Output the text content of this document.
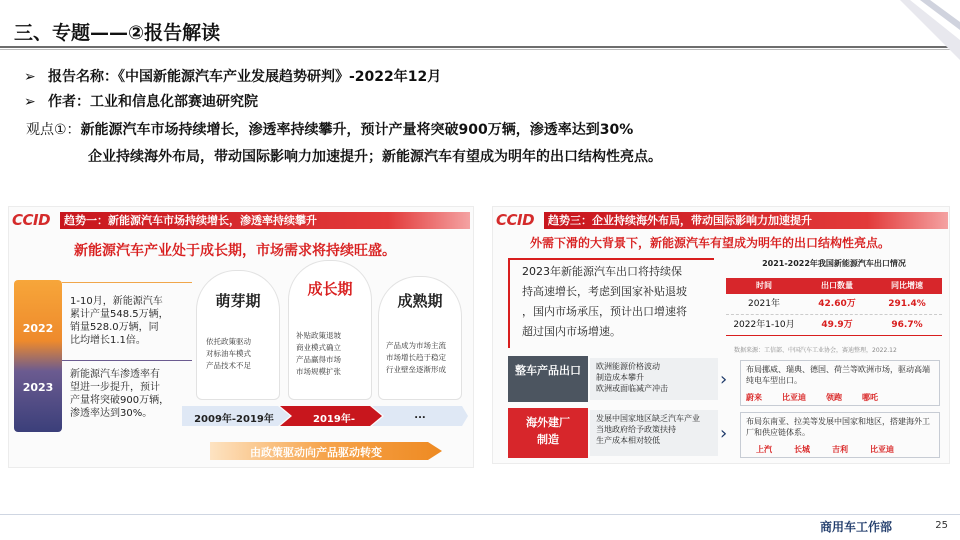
三、专题——②报告解读
➢ 报告名称：《中国新能源汽车产业发展趋势研判》-2022年12月
➢ 作者：工业和信息化部赛迪研究院
观点①：新能源汽车市场持续增长，渗透率持续攀升，预计产量将突破900万辆，渗透率达到30%
企业持续海外布局，带动国际影响力加速提升；新能源汽车有望成为明年的出口结构性亮点。
CCID	趋势一：新能源汽车市场持续增长，渗透率持续攀升
新能源汽车产业处于成长期，市场需求将持续旺盛。
2022
2023
1-10月，新能源汽车
累计产量548.5万辆，
销量528.0万辆，同
比均增长1.1倍。
新能源汽车渗透率有
望进一步提升，预计
产量将突破900万辆，
渗透率达到30%。
萌芽期
依托政策驱动
对标油车模式
产品技术不足
成长期
补贴政策退坡
商业模式确立
产品赢得市场
市场规模扩张
成熟期
产品成为市场主流
市场增长趋于稳定
行业壁垒逐渐形成
2009年-2019年	2019年-	...
由政策驱动向产品驱动转变
CCID	趋势三：企业持续海外布局，带动国际影响力加速提升
外需下滑的大背景下，新能源汽车有望成为明年的出口结构性亮点。
2023年新能源汽车出口将持续保
持高速增长，考虑到国家补贴退坡
，国内市场承压，预计出口增速将
超过国内市场增速。
2021-2022年我国新能源汽车出口情况
时间	出口数量	同比增速
2021年	42.60万	291.4%
2022年1-10月	49.9万	96.7%
数据来源：工信部、中国汽车工业协会，赛迪整理，2022.12
整车产品出口	欧洲能源价格波动
制造成本攀升
欧洲或面临减产冲击	›	布局挪威、瑞典、德国、荷兰等欧洲市场，驱动高端纯电车型出口。
蔚来	比亚迪	领跑	哪吒
海外建厂制造
发展中国家地区缺乏汽车产业
当地政府给予政策扶持
生产成本相对较低	›
布局东南亚、拉美等发展中国家和地区，搭建海外工厂和供应链体系。
上汽	长城	吉利	比亚迪
商用车工作部	25
